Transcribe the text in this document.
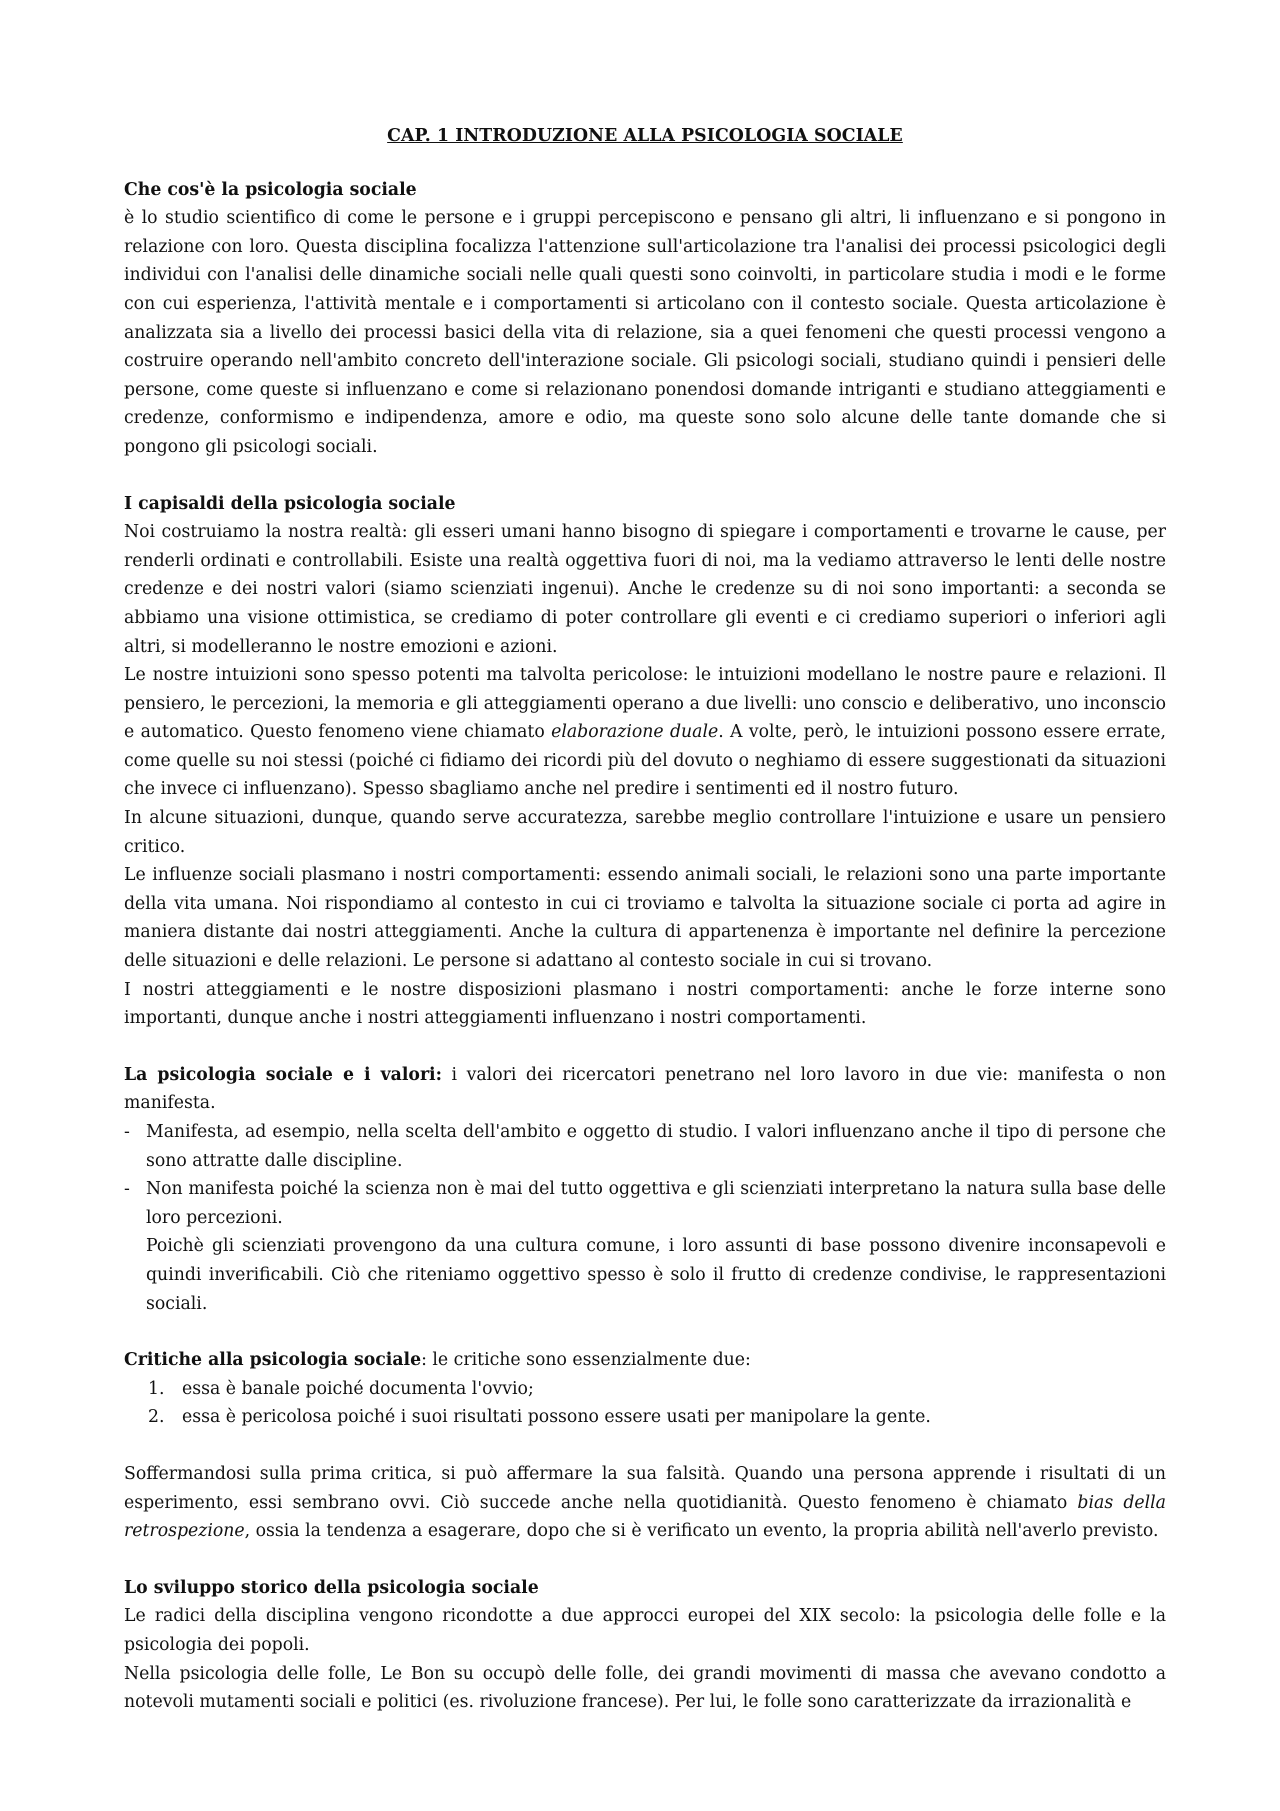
CAP. 1 INTRODUZIONE ALLA PSICOLOGIA SOCIALE

Che cos'è la psicologia sociale

è lo studio scientifico di come le persone e i gruppi percepiscono e pensano gli altri, li influenzano e si pongono in relazione con loro. Questa disciplina focalizza l'attenzione sull'articolazione tra l'analisi dei processi psicologici degli individui con l'analisi delle dinamiche sociali nelle quali questi sono coinvolti, in particolare studia i modi e le forme con cui esperienza, l'attività mentale e i comportamenti si articolano con il contesto sociale. Questa articolazione è analizzata sia a livello dei processi basici della vita di relazione, sia a quei fenomeni che questi processi vengono a costruire operando nell'ambito concreto dell'interazione sociale. Gli psicologi sociali, studiano quindi i pensieri delle persone, come queste si influenzano e come si relazionano ponendosi domande intriganti e studiano atteggiamenti e credenze, conformismo e indipendenza, amore e odio, ma queste sono solo alcune delle tante domande che si pongono gli psicologi sociali.

I capisaldi della psicologia sociale

Noi costruiamo la nostra realtà: gli esseri umani hanno bisogno di spiegare i comportamenti e trovarne le cause, per renderli ordinati e controllabili. Esiste una realtà oggettiva fuori di noi, ma la vediamo attraverso le lenti delle nostre credenze e dei nostri valori (siamo scienziati ingenui). Anche le credenze su di noi sono importanti: a seconda se abbiamo una visione ottimistica, se crediamo di poter controllare gli eventi e ci crediamo superiori o inferiori agli altri, si modelleranno le nostre emozioni e azioni.

Le nostre intuizioni sono spesso potenti ma talvolta pericolose: le intuizioni modellano le nostre paure e relazioni. Il pensiero, le percezioni, la memoria e gli atteggiamenti operano a due livelli: uno conscio e deliberativo, uno inconscio e automatico. Questo fenomeno viene chiamato elaborazione duale. A volte, però, le intuizioni possono essere errate, come quelle su noi stessi (poiché ci fidiamo dei ricordi più del dovuto o neghiamo di essere suggestionati da situazioni che invece ci influenzano). Spesso sbagliamo anche nel predire i sentimenti ed il nostro futuro.

In alcune situazioni, dunque, quando serve accuratezza, sarebbe meglio controllare l'intuizione e usare un pensiero critico.

Le influenze sociali plasmano i nostri comportamenti: essendo animali sociali, le relazioni sono una parte importante della vita umana. Noi rispondiamo al contesto in cui ci troviamo e talvolta la situazione sociale ci porta ad agire in maniera distante dai nostri atteggiamenti. Anche la cultura di appartenenza è importante nel definire la percezione delle situazioni e delle relazioni. Le persone si adattano al contesto sociale in cui si trovano.

I nostri atteggiamenti e le nostre disposizioni plasmano i nostri comportamenti: anche le forze interne sono importanti, dunque anche i nostri atteggiamenti influenzano i nostri comportamenti.

La psicologia sociale e i valori: i valori dei ricercatori penetrano nel loro lavoro in due vie: manifesta o non manifesta.

- Manifesta, ad esempio, nella scelta dell'ambito e oggetto di studio. I valori influenzano anche il tipo di persone che sono attratte dalle discipline.
- Non manifesta poiché la scienza non è mai del tutto oggettiva e gli scienziati interpretano la natura sulla base delle loro percezioni.

Poichè gli scienziati provengono da una cultura comune, i loro assunti di base possono divenire inconsapevoli e quindi inverificabili. Ciò che riteniamo oggettivo spesso è solo il frutto di credenze condivise, le rappresentazioni sociali.

Critiche alla psicologia sociale: le critiche sono essenzialmente due:

1. essa è banale poiché documenta l'ovvio;
2. essa è pericolosa poiché i suoi risultati possono essere usati per manipolare la gente.

Soffermandosi sulla prima critica, si può affermare la sua falsità. Quando una persona apprende i risultati di un esperimento, essi sembrano ovvi. Ciò succede anche nella quotidianità. Questo fenomeno è chiamato bias della retrospezione, ossia la tendenza a esagerare, dopo che si è verificato un evento, la propria abilità nell'averlo previsto.

Lo sviluppo storico della psicologia sociale

Le radici della disciplina vengono ricondotte a due approcci europei del XIX secolo: la psicologia delle folle e la psicologia dei popoli.

Nella psicologia delle folle, Le Bon su occupò delle folle, dei grandi movimenti di massa che avevano condotto a notevoli mutamenti sociali e politici (es. rivoluzione francese). Per lui, le folle sono caratterizzate da irrazionalità e
